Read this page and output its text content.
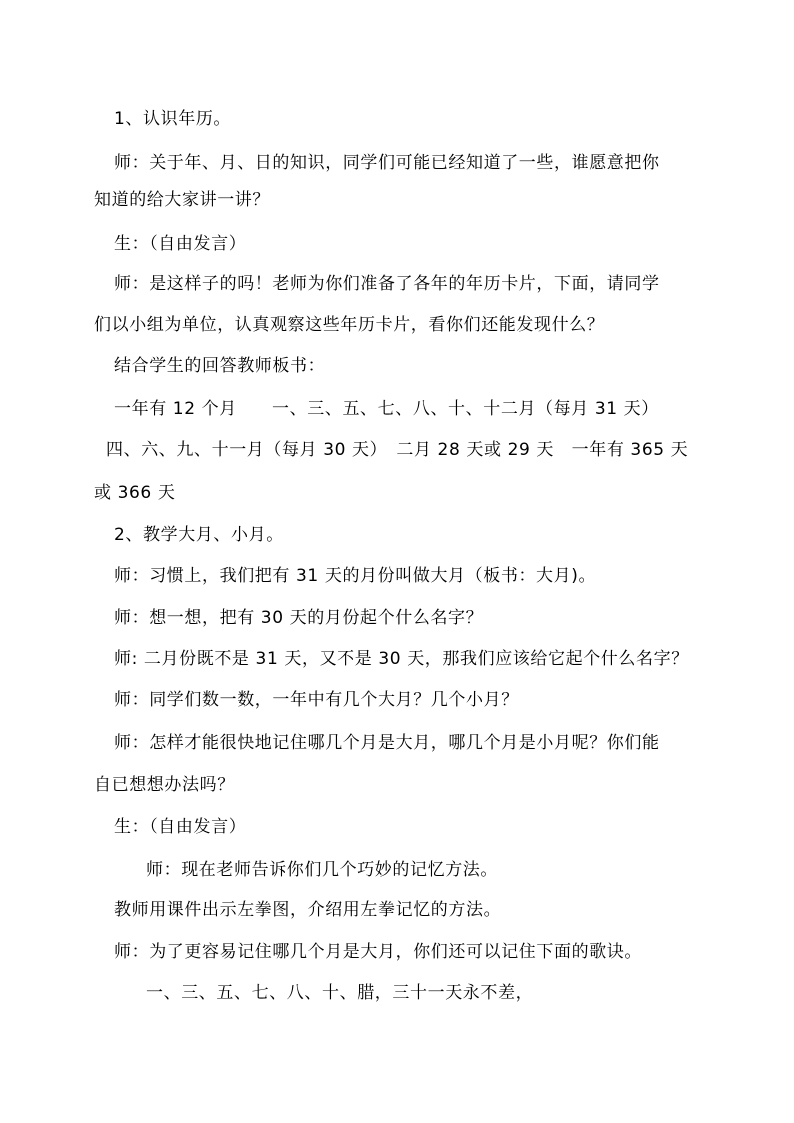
1、认识年历。
师：关于年、月、日的知识，同学们可能已经知道了一些，谁愿意把你
知道的给大家讲一讲？
生：（自由发言）
师：是这样子的吗！老师为你们准备了各年的年历卡片，下面，请同学
们以小组为单位，认真观察这些年历卡片，看你们还能发现什么？
结合学生的回答教师板书：
一年有 12 个月　　一、三、五、七、八、十、十二月（每月 31 天）
四、六、九、十一月（每月 30 天）　二月 28 天或 29 天　一年有 365 天
或 366 天
2、教学大月、小月。
师：习惯上，我们把有 31 天的月份叫做大月（板书：大月)。
师：想一想，把有 30 天的月份起个什么名字？
师: 二月份既不是 31 天，又不是 30 天，那我们应该给它起个什么名字？
师：同学们数一数，一年中有几个大月？几个小月？
师：怎样才能很快地记住哪几个月是大月，哪几个月是小月呢？你们能
自已想想办法吗？
生：（自由发言）
师：现在老师告诉你们几个巧妙的记忆方法。
教师用课件出示左拳图，介绍用左拳记忆的方法。
师：为了更容易记住哪几个月是大月，你们还可以记住下面的歌诀。
一、三、五、七、八、十、腊，三十一天永不差，
